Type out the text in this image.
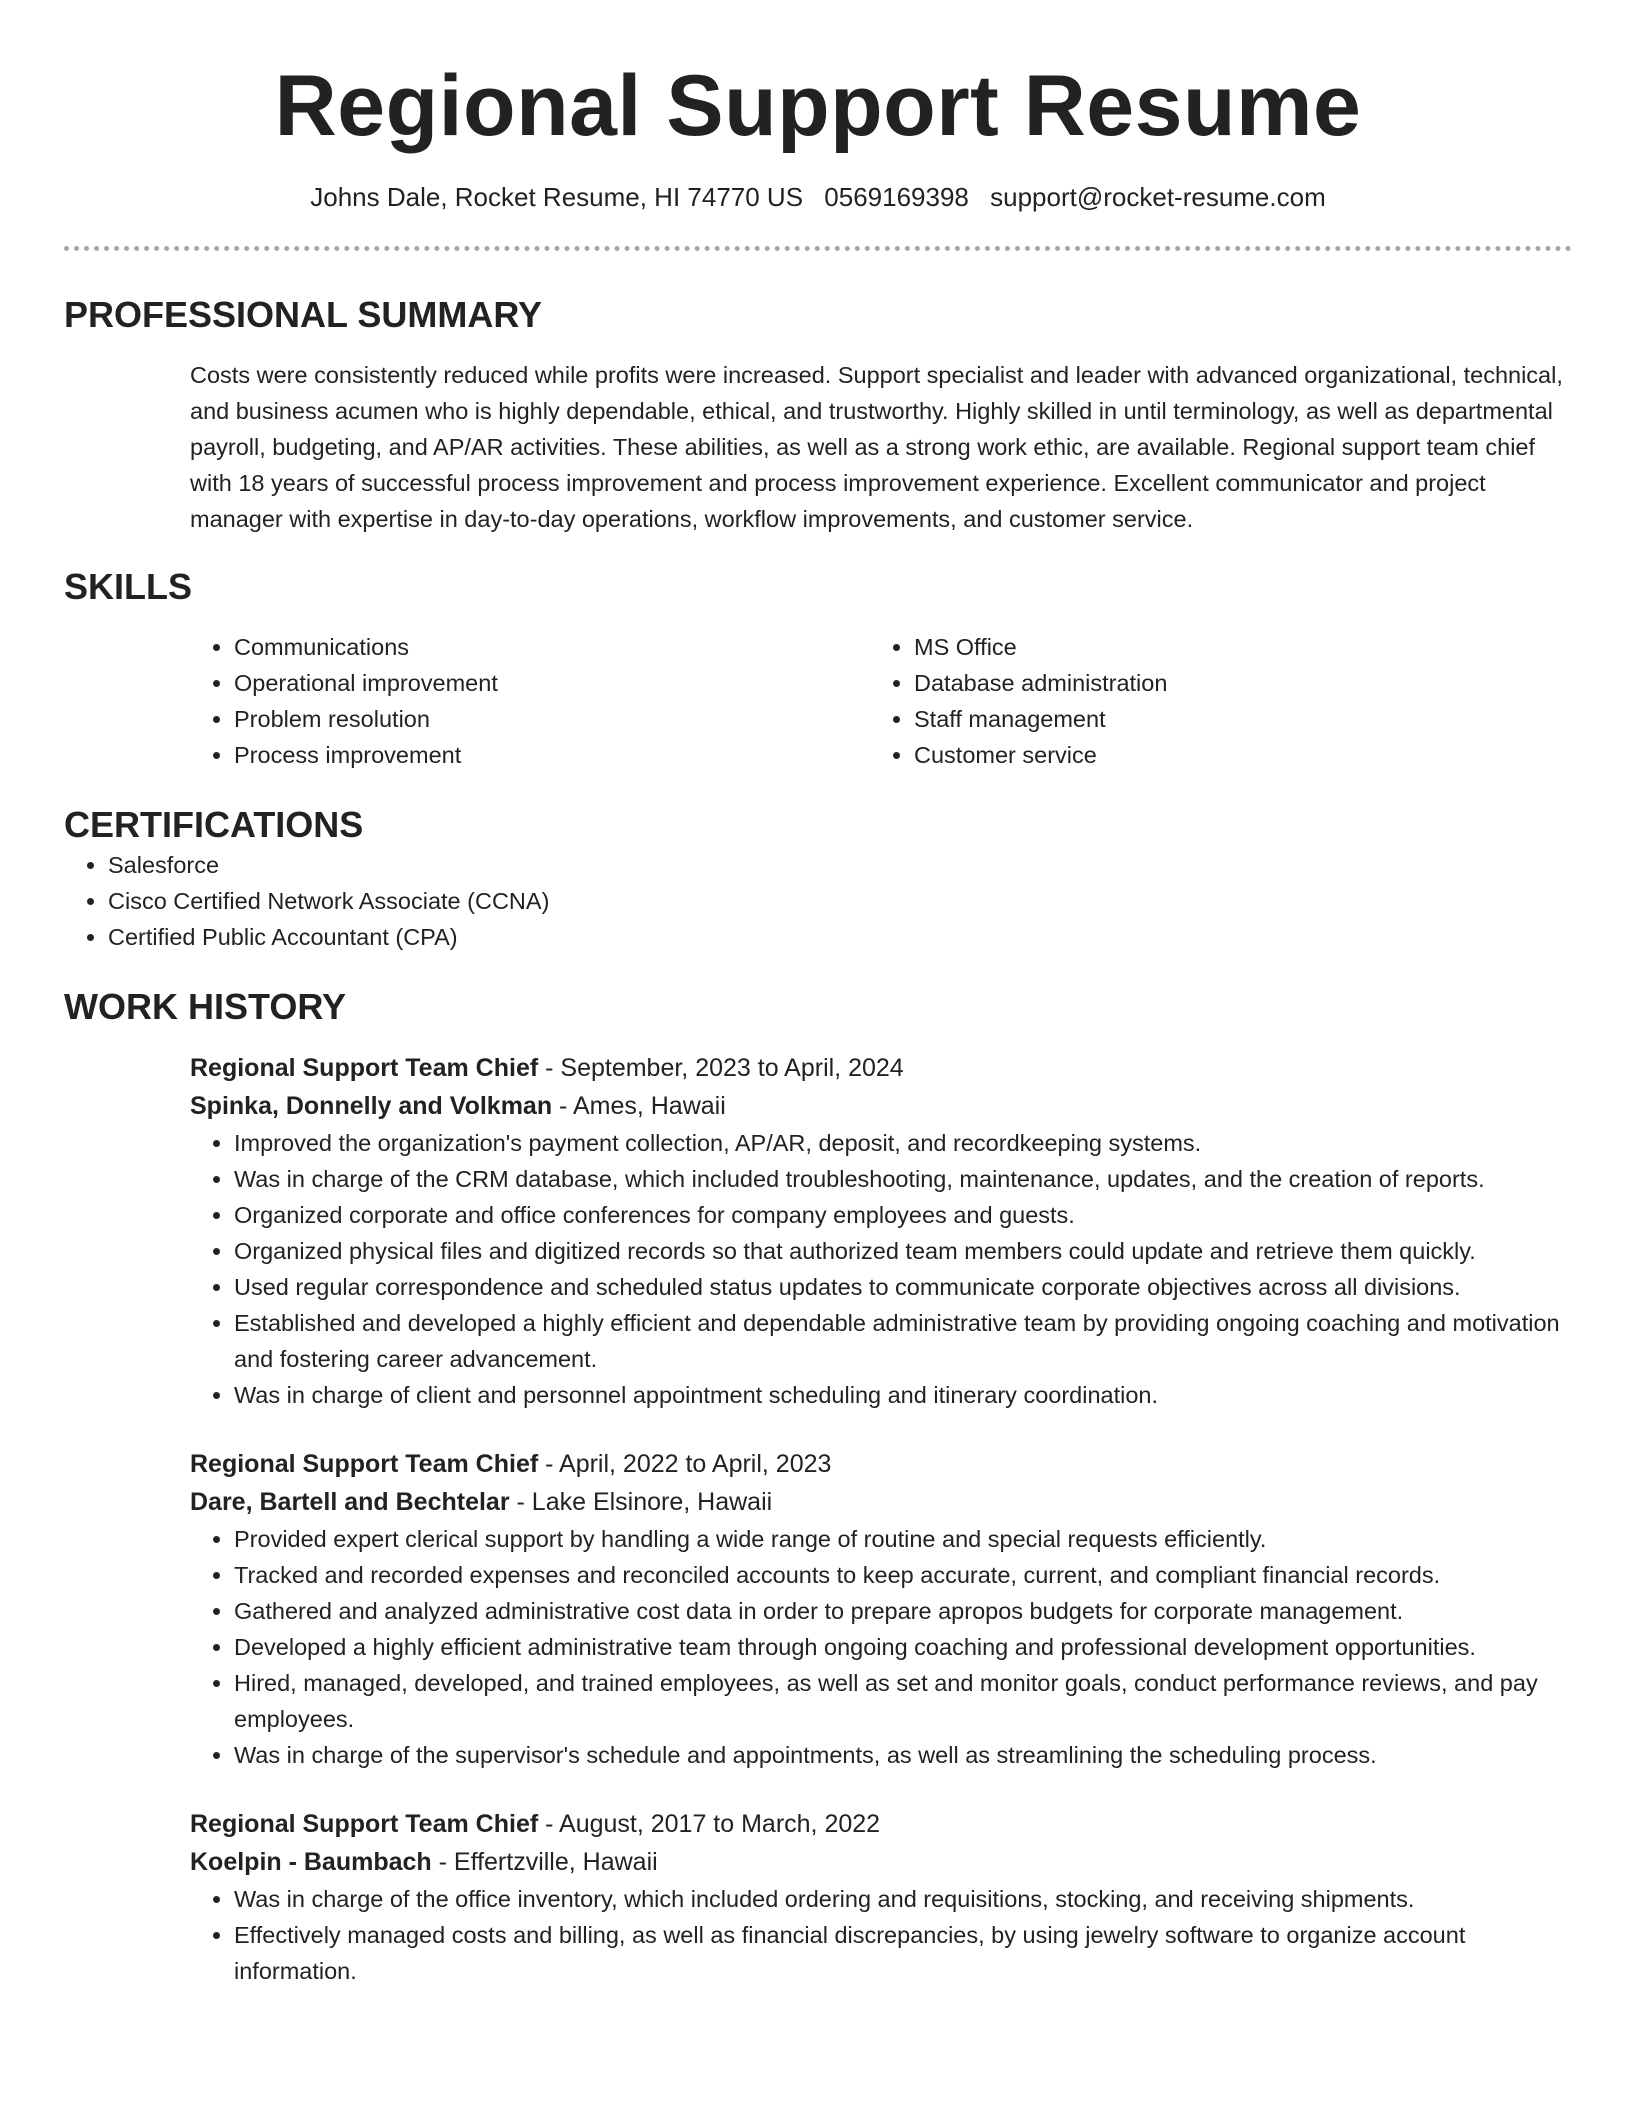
Regional Support Resume
Johns Dale, Rocket Resume, HI 74770 US 0569169398 support@rocket-resume.com
PROFESSIONAL SUMMARY

Costs were consistently reduced while profits were increased. Support specialist and leader with advanced organizational, technical, and business acumen who is highly dependable, ethical, and trustworthy. Highly skilled in until terminology, as well as departmental payroll, budgeting, and AP/AR activities. These abilities, as well as a strong work ethic, are available. Regional support team chief with 18 years of successful process improvement and process improvement experience. Excellent communicator and project manager with expertise in day-to-day operations, workflow improvements, and customer service.

SKILLS
• Communications
• Operational improvement
• Problem resolution
• Process improvement
• MS Office
• Database administration
• Staff management
• Customer service
CERTIFICATIONS
• Salesforce
• Cisco Certified Network Associate (CCNA)
• Certified Public Accountant (CPA)
WORK HISTORY
Regional Support Team Chief - September, 2023 to April, 2024
Spinka, Donnelly and Volkman - Ames, Hawaii
• Improved the organization's payment collection, AP/AR, deposit, and recordkeeping systems.
• Was in charge of the CRM database, which included troubleshooting, maintenance, updates, and the creation of reports.
• Organized corporate and office conferences for company employees and guests.
• Organized physical files and digitized records so that authorized team members could update and retrieve them quickly.
• Used regular correspondence and scheduled status updates to communicate corporate objectives across all divisions.
• Established and developed a highly efficient and dependable administrative team by providing ongoing coaching and motivation and fostering career advancement.
• Was in charge of client and personnel appointment scheduling and itinerary coordination.
Regional Support Team Chief - April, 2022 to April, 2023
Dare, Bartell and Bechtelar - Lake Elsinore, Hawaii
• Provided expert clerical support by handling a wide range of routine and special requests efficiently.
• Tracked and recorded expenses and reconciled accounts to keep accurate, current, and compliant financial records.
• Gathered and analyzed administrative cost data in order to prepare apropos budgets for corporate management.
• Developed a highly efficient administrative team through ongoing coaching and professional development opportunities.
• Hired, managed, developed, and trained employees, as well as set and monitor goals, conduct performance reviews, and pay employees.
• Was in charge of the supervisor's schedule and appointments, as well as streamlining the scheduling process.
Regional Support Team Chief - August, 2017 to March, 2022
Koelpin - Baumbach - Effertzville, Hawaii
• Was in charge of the office inventory, which included ordering and requisitions, stocking, and receiving shipments.
• Effectively managed costs and billing, as well as financial discrepancies, by using jewelry software to organize account information.
